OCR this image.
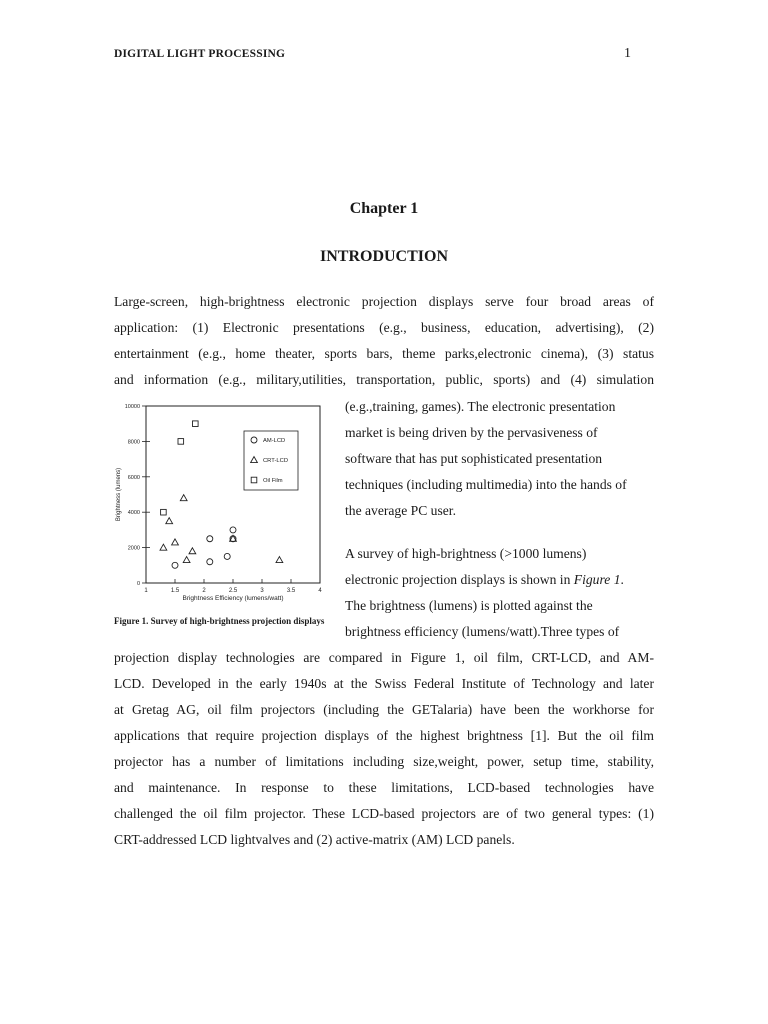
DIGITAL LIGHT PROCESSING	1
Chapter 1
INTRODUCTION
Large-screen, high-brightness electronic projection displays serve four broad areas of
application: (1) Electronic presentations (e.g., business, education, advertising), (2)
entertainment (e.g., home theater, sports bars, theme parks,electronic cinema), (3) status
and information (e.g., military,utilities, transportation, public, sports) and (4) simulation
(e.g.,training, games). The electronic presentation
market is being driven by the pervasiveness of
software that has put sophisticated presentation
techniques (including multimedia) into the hands of
the average PC user.
A survey of high-brightness (>1000 lumens)
electronic projection displays is shown in Figure 1.
The brightness (lumens) is plotted against the
brightness efficiency (lumens/watt).Three types of
projection display technologies are compared in Figure 1, oil film, CRT-LCD, and AM-
LCD. Developed in the early 1940s at the Swiss Federal Institute of Technology and later
at Gretag AG, oil film projectors (including the GETalaria) have been the workhorse for
applications that require projection displays of the highest brightness [1]. But the oil film
projector has a number of limitations including size,weight, power, setup time, stability,
and maintenance. In response to these limitations, LCD-based technologies have
challenged the oil film projector. These LCD-based projectors are of two general types: (1)
CRT-addressed LCD lightvalves and (2) active-matrix (AM) LCD panels.
1	1.5	2	2.5	3	3.5	4
0
2000
4000
6000
8000
10000
Brightness Efficiency (lumens/watt)
Brightness (lumens)
AM-LCD
CRT-LCD
Oil Film
Figure 1. Survey of high-brightness projection displays
